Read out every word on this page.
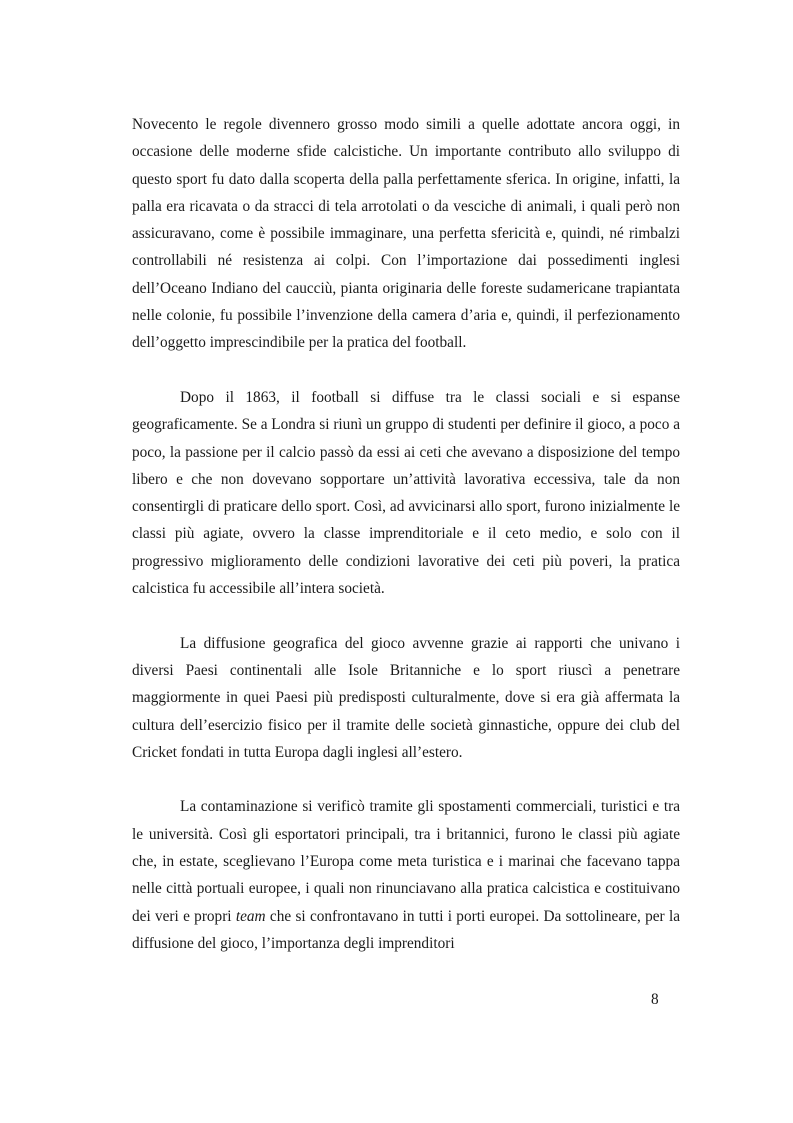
Novecento le regole divennero grosso modo simili a quelle adottate ancora oggi, in occasione delle moderne sfide calcistiche. Un importante contributo allo sviluppo di questo sport fu dato dalla scoperta della palla perfettamente sferica. In origine, infatti, la palla era ricavata o da stracci di tela arrotolati o da vesciche di animali, i quali però non assicuravano, come è possibile immaginare, una perfetta sfericità e, quindi, né rimbalzi controllabili né resistenza ai colpi. Con l’importazione dai possedimenti inglesi dell’Oceano Indiano del caucciù, pianta originaria delle foreste sudamericane trapiantata nelle colonie, fu possibile l’invenzione della camera d’aria e, quindi, il perfezionamento dell’oggetto imprescindibile per la pratica del football.

Dopo il 1863, il football si diffuse tra le classi sociali e si espanse geograficamente. Se a Londra si riunì un gruppo di studenti per definire il gioco, a poco a poco, la passione per il calcio passò da essi ai ceti che avevano a disposizione del tempo libero e che non dovevano sopportare un’attività lavorativa eccessiva, tale da non consentirgli di praticare dello sport. Così, ad avvicinarsi allo sport, furono inizialmente le classi più agiate, ovvero la classe imprenditoriale e il ceto medio, e solo con il progressivo miglioramento delle condizioni lavorative dei ceti più poveri, la pratica calcistica fu accessibile all’intera società.

La diffusione geografica del gioco avvenne grazie ai rapporti che univano i diversi Paesi continentali alle Isole Britanniche e lo sport riuscì a penetrare maggiormente in quei Paesi più predisposti culturalmente, dove si era già affermata la cultura dell’esercizio fisico per il tramite delle società ginnastiche, oppure dei club del Cricket fondati in tutta Europa dagli inglesi all’estero.

La contaminazione si verificò tramite gli spostamenti commerciali, turistici e tra le università. Così gli esportatori principali, tra i britannici, furono le classi più agiate che, in estate, sceglievano l’Europa come meta turistica e i marinai che facevano tappa nelle città portuali europee, i quali non rinunciavano alla pratica calcistica e costituivano dei veri e propri team che si confrontavano in tutti i porti europei. Da sottolineare, per la diffusione del gioco, l’importanza degli imprenditori

8
